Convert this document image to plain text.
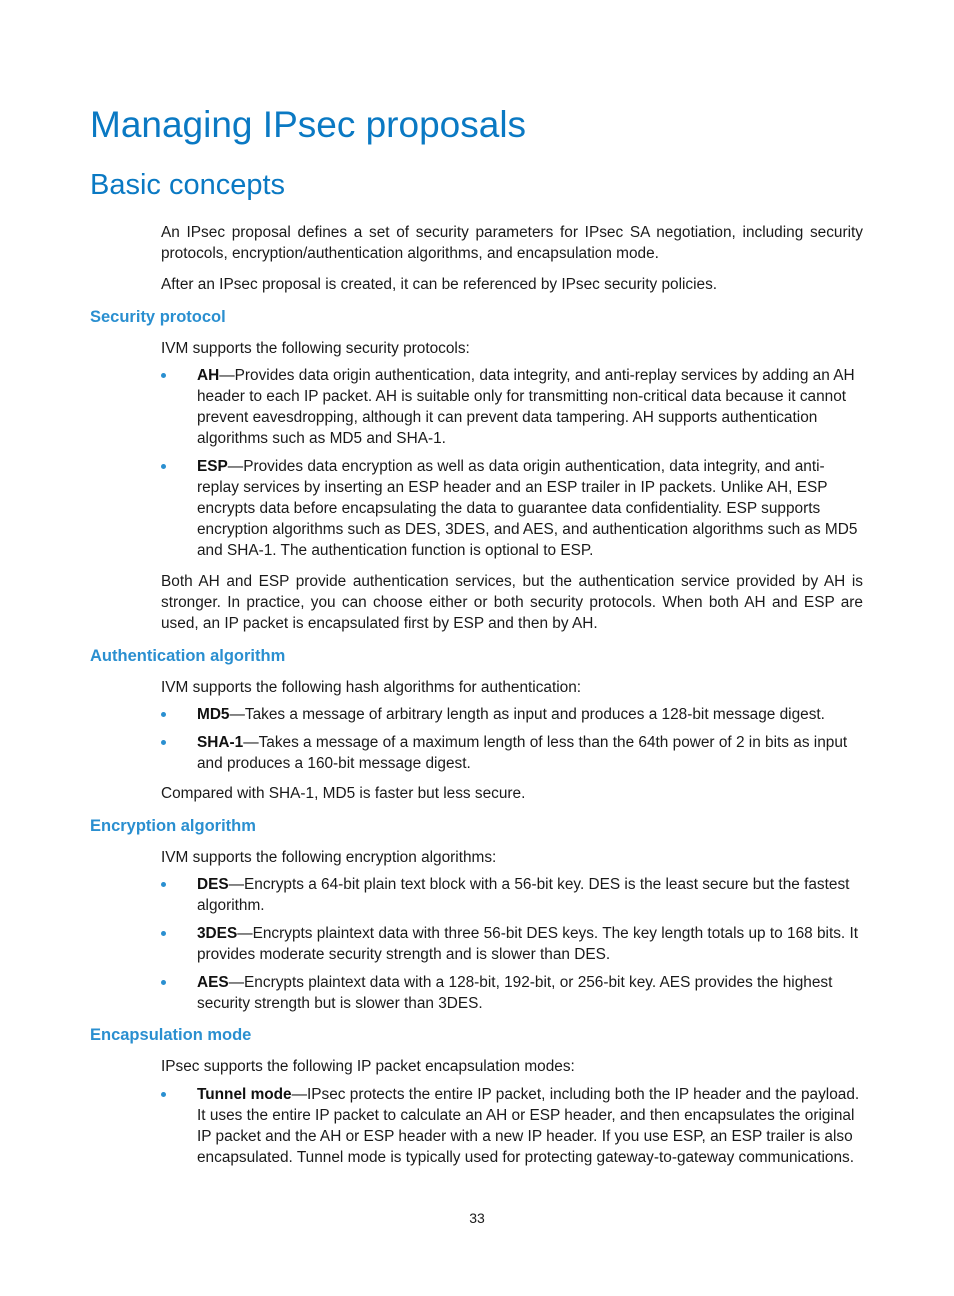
Managing IPsec proposals
Basic concepts

An IPsec proposal defines a set of security parameters for IPsec SA negotiation, including security protocols, encryption/authentication algorithms, and encapsulation mode.

After an IPsec proposal is created, it can be referenced by IPsec security policies.

Security protocol

IVM supports the following security protocols:

AH—Provides data origin authentication, data integrity, and anti-replay services by adding an AH header to each IP packet. AH is suitable only for transmitting non-critical data because it cannot prevent eavesdropping, although it can prevent data tampering. AH supports authentication algorithms such as MD5 and SHA-1.

ESP—Provides data encryption as well as data origin authentication, data integrity, and anti-replay services by inserting an ESP header and an ESP trailer in IP packets. Unlike AH, ESP encrypts data before encapsulating the data to guarantee data confidentiality. ESP supports encryption algorithms such as DES, 3DES, and AES, and authentication algorithms such as MD5 and SHA-1. The authentication function is optional to ESP.

Both AH and ESP provide authentication services, but the authentication service provided by AH is stronger. In practice, you can choose either or both security protocols. When both AH and ESP are used, an IP packet is encapsulated first by ESP and then by AH.

Authentication algorithm

IVM supports the following hash algorithms for authentication:

MD5—Takes a message of arbitrary length as input and produces a 128-bit message digest.

SHA-1—Takes a message of a maximum length of less than the 64th power of 2 in bits as input and produces a 160-bit message digest.

Compared with SHA-1, MD5 is faster but less secure.

Encryption algorithm

IVM supports the following encryption algorithms:

DES—Encrypts a 64-bit plain text block with a 56-bit key. DES is the least secure but the fastest algorithm.

3DES—Encrypts plaintext data with three 56-bit DES keys. The key length totals up to 168 bits. It provides moderate security strength and is slower than DES.

AES—Encrypts plaintext data with a 128-bit, 192-bit, or 256-bit key. AES provides the highest security strength but is slower than 3DES.

Encapsulation mode

IPsec supports the following IP packet encapsulation modes:

Tunnel mode—IPsec protects the entire IP packet, including both the IP header and the payload. It uses the entire IP packet to calculate an AH or ESP header, and then encapsulates the original IP packet and the AH or ESP header with a new IP header. If you use ESP, an ESP trailer is also encapsulated. Tunnel mode is typically used for protecting gateway-to-gateway communications.

33
